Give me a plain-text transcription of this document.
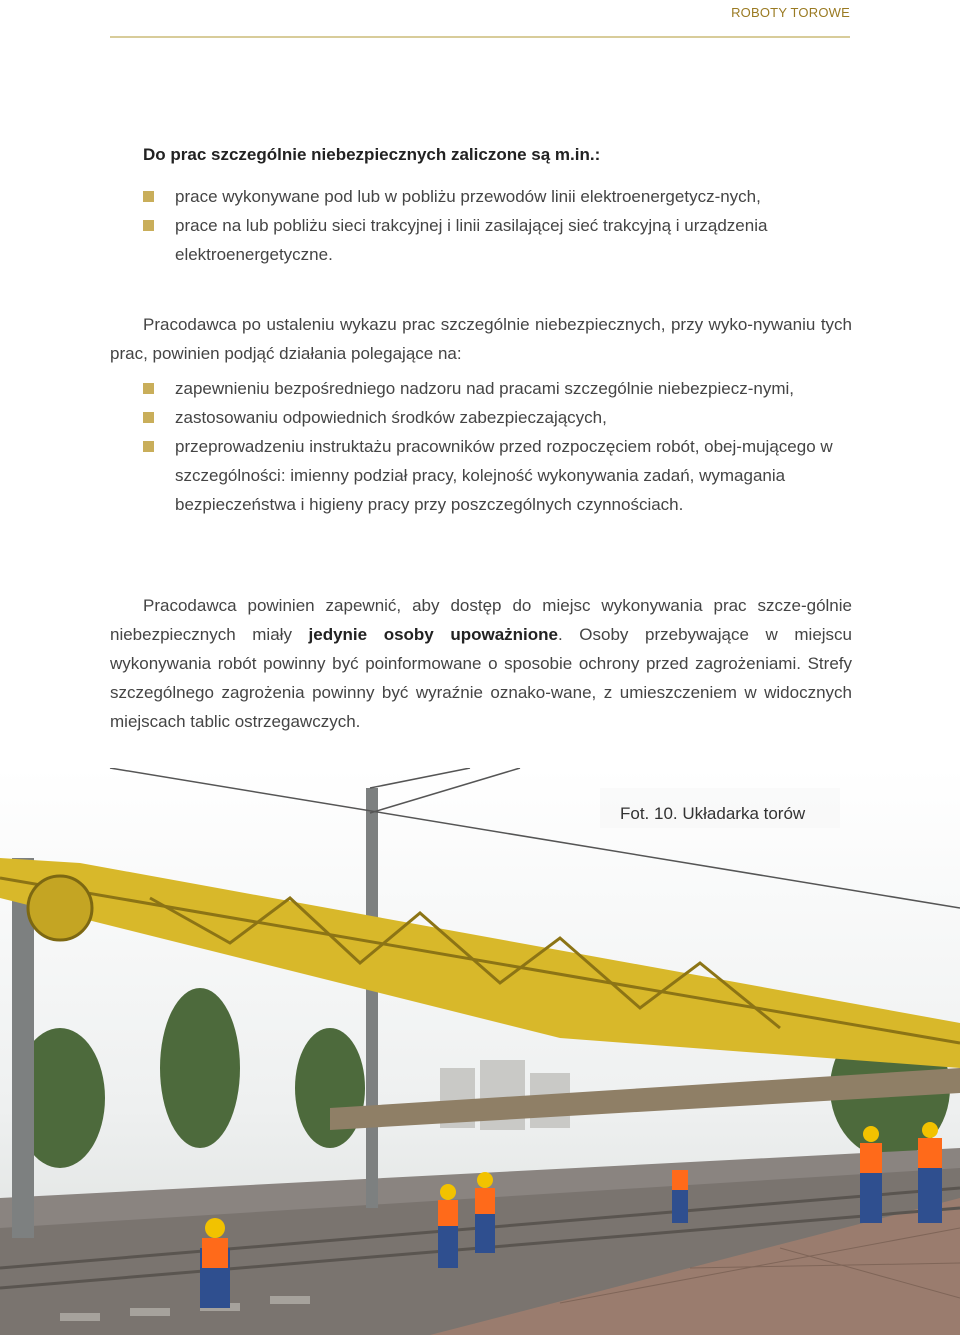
ROBOTY TOROWE
Do prac szczególnie niebezpiecznych zaliczone są m.in.:
prace wykonywane pod lub w pobliżu przewodów linii elektroenergetycz-nych,
prace na lub pobliżu sieci trakcyjnej i linii zasilającej sieć trakcyjną i urządzenia elektroenergetyczne.

Pracodawca po ustaleniu wykazu prac szczególnie niebezpiecznych, przy wyko-nywaniu tych prac, powinien podjąć działania polegające na:

zapewnieniu bezpośredniego nadzoru nad pracami szczególnie niebezpiecz-nymi,
zastosowaniu odpowiednich środków zabezpieczających,
przeprowadzeniu instruktażu pracowników przed rozpoczęciem robót, obej-mującego w szczególności: imienny podział pracy, kolejność wykonywania zadań, wymagania bezpieczeństwa i higieny pracy przy poszczególnych czynnościach.

Pracodawca powinien zapewnić, aby dostęp do miejsc wykonywania prac szcze-gólnie niebezpiecznych miały jedynie osoby upoważnione. Osoby przebywające w miejscu wykonywania robót powinny być poinformowane o sposobie ochrony przed zagrożeniami. Strefy szczególnego zagrożenia powinny być wyraźnie oznako-wane, z umieszczeniem w widocznych miejscach tablic ostrzegawczych.

Fot. 10. Układarka torów
